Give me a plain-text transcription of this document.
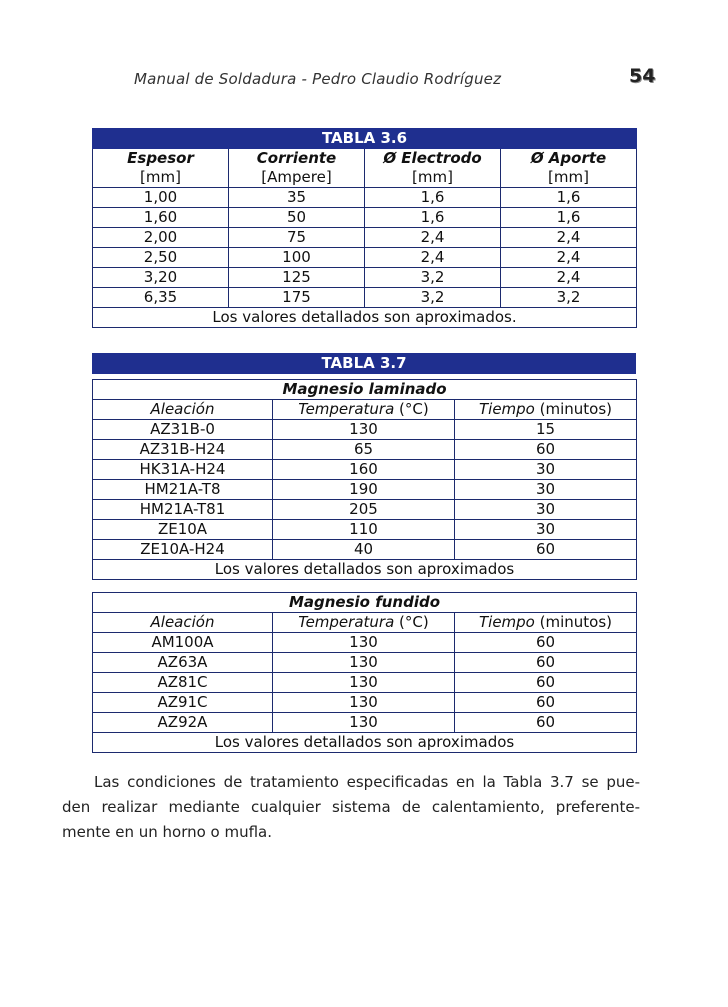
Manual de Soldadura - Pedro Claudio Rodríguez	54
TABLA 3.6			
Espesor	Corriente	Ø Electrodo	Ø Aporte
[mm]	[Ampere]	[mm]	[mm]
1,00	35	1,6	1,6
1,60	50	1,6	1,6
2,00	75	2,4	2,4
2,50	100	2,4	2,4
3,20	125	3,2	2,4
6,35	175	3,2	3,2
Los valores detallados son aproximados.			
TABLA 3.7
Magnesio laminado		
Aleación	Temperatura (°C)	Tiempo (minutos)
AZ31B-0	130	15
AZ31B-H24	65	60
HK31A-H24	160	30
HM21A-T8	190	30
HM21A-T81	205	30
ZE10A	110	30
ZE10A-H24	40	60
Los valores detallados son aproximados		
Magnesio fundido		
Aleación	Temperatura (°C)	Tiempo (minutos)
AM100A	130	60
AZ63A	130	60
AZ81C	130	60
AZ91C	130	60
AZ92A	130	60
Los valores detallados son aproximados		
Las condiciones de tratamiento especificadas en la Tabla 3.7 se pue-
den realizar mediante cualquier sistema de calentamiento, preferente-
mente en un horno o mufla.
